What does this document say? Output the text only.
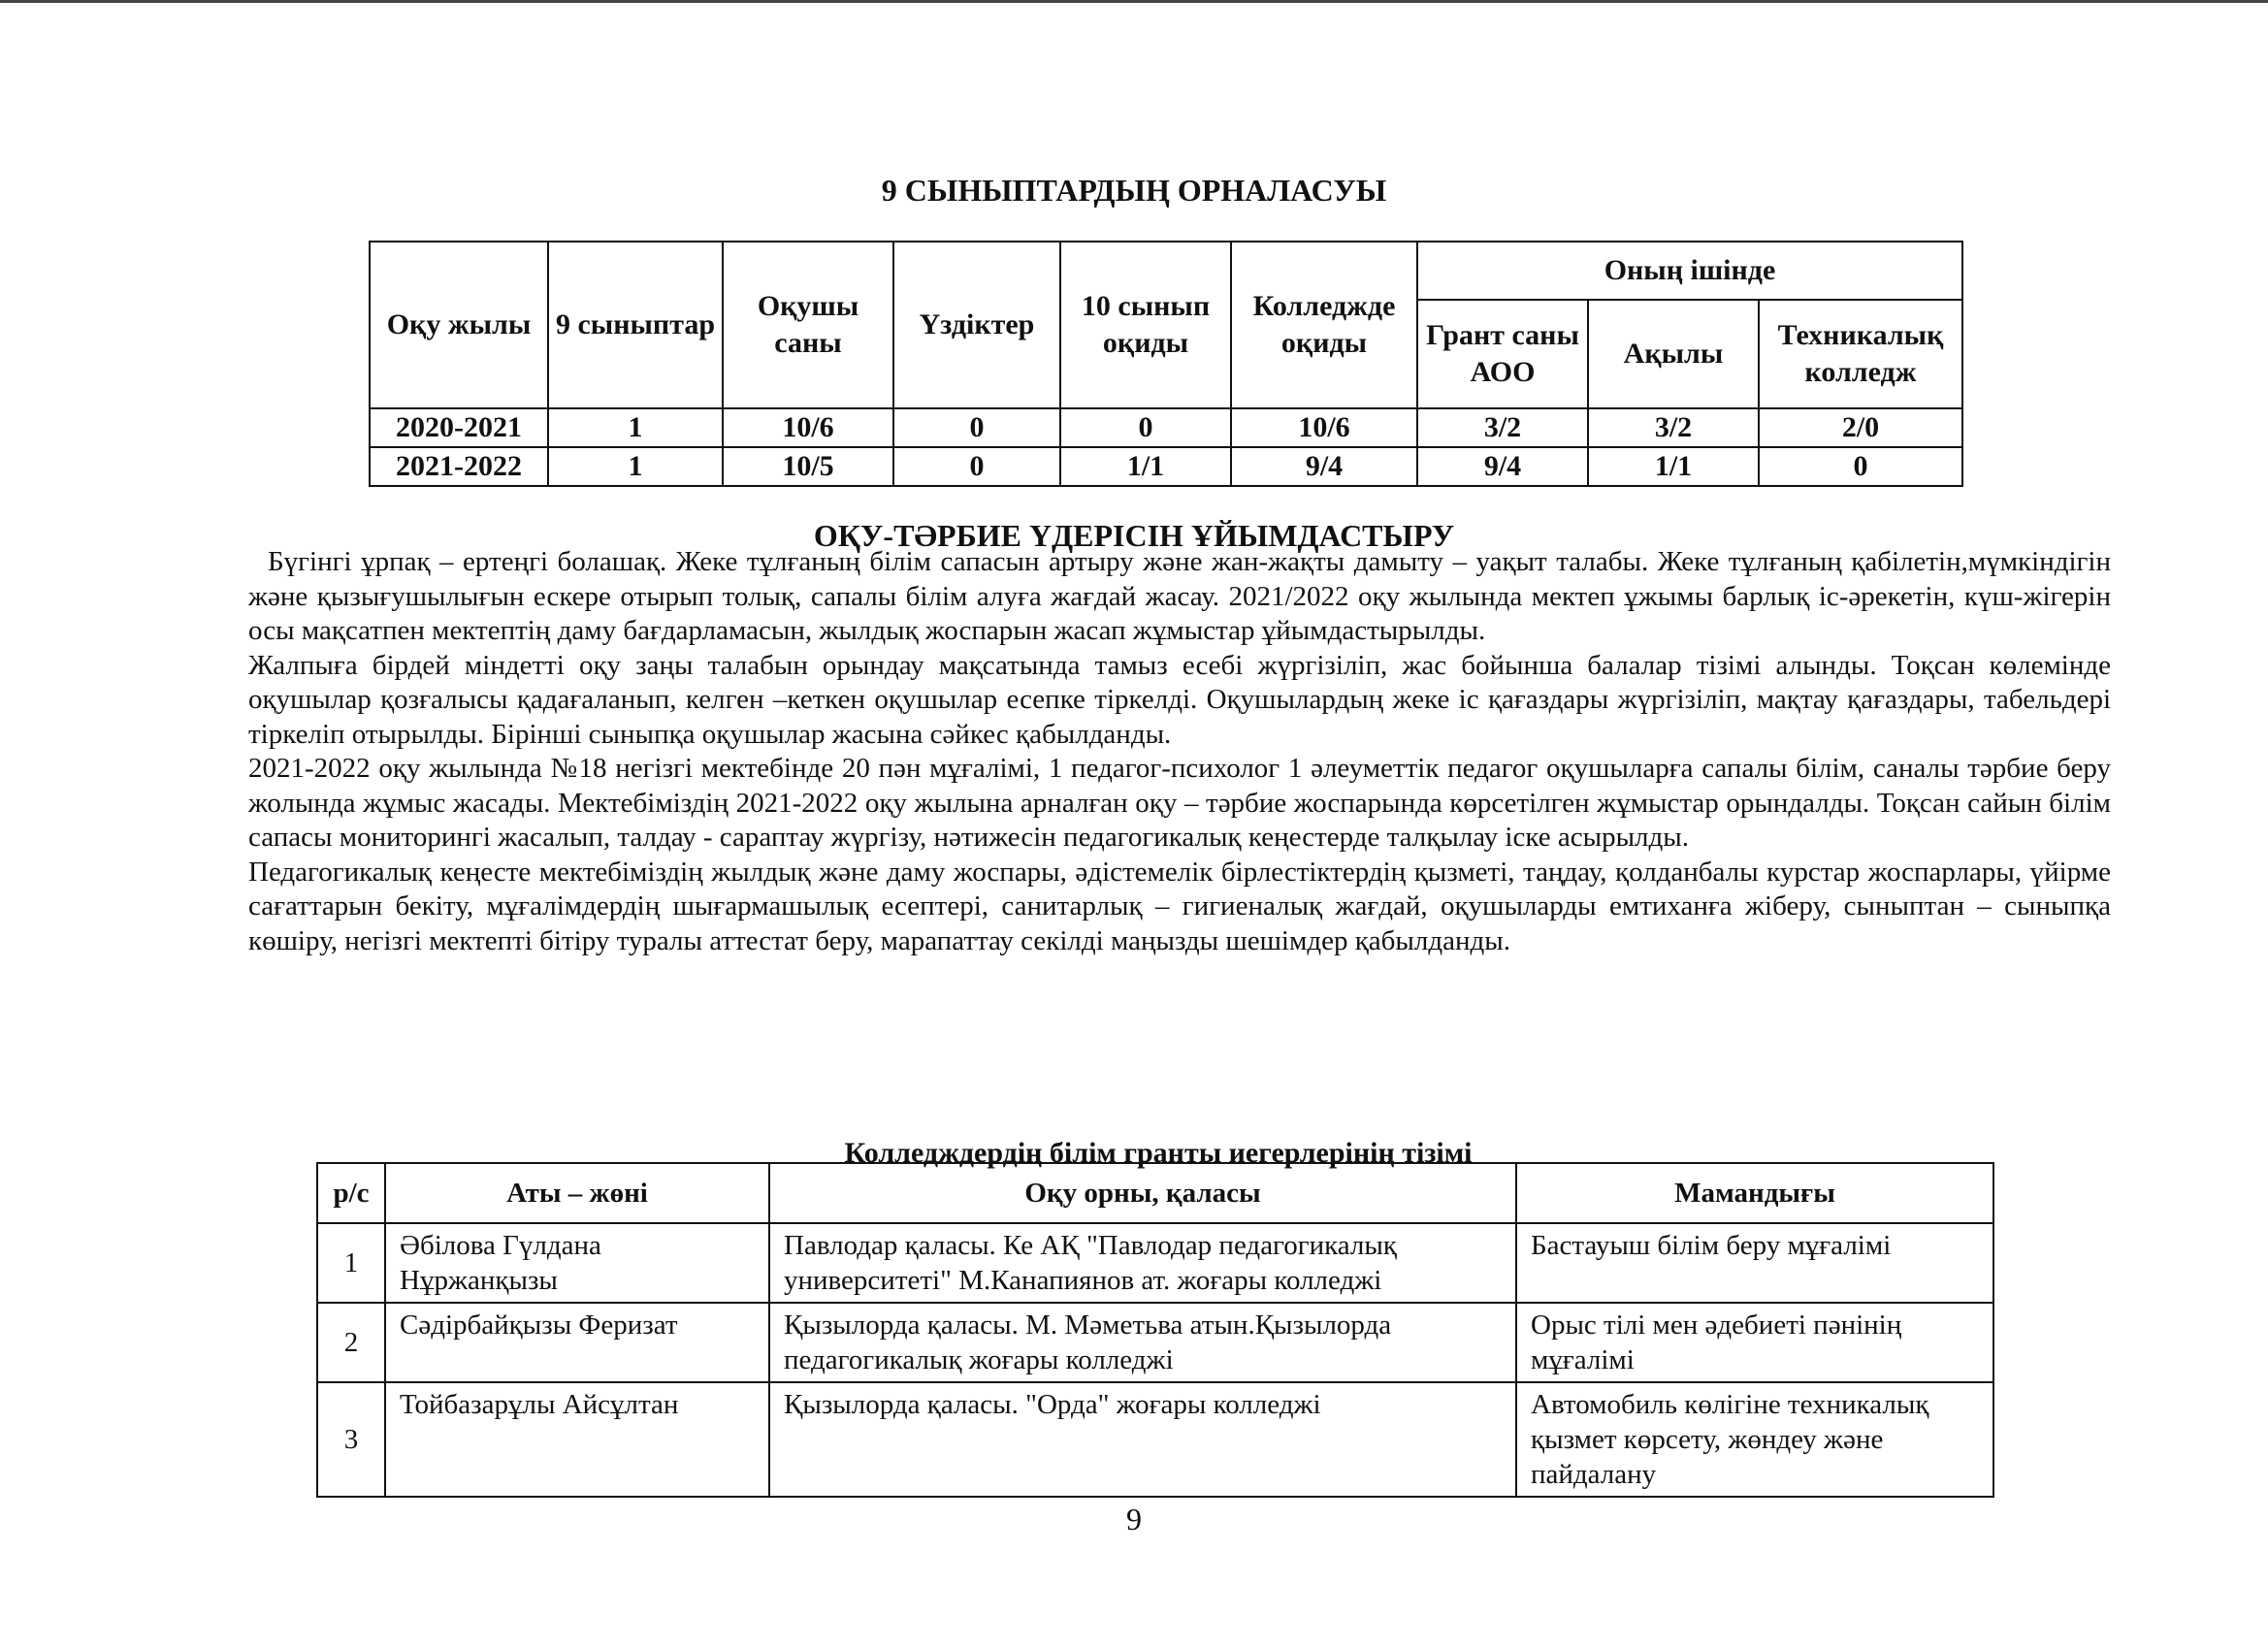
9 СЫНЫПТАРДЫҢ ОРНАЛАСУЫ
Оқу жылы	9 сыныптар	Оқушы саны	Үздіктер	10 сынып оқиды	Колледжде оқиды	Оның ішінде		
						Грант саны АОО	Ақылы	Техникалық колледж
2020-2021	1	10/6	0	0	10/6	3/2	3/2	2/0
2021-2022	1	10/5	0	1/1	9/4	9/4	1/1	0
ОҚУ-ТӘРБИЕ ҮДЕРІСІН ҰЙЫМДАСТЫРУ

Бүгінгі ұрпақ – ертеңгі болашақ. Жеке тұлғаның білім сапасын артыру және жан-жақты дамыту – уақыт талабы. Жеке тұлғаның қабілетін,мүмкіндігін және қызығушылығын ескере отырып толық, сапалы білім алуға жағдай жасау. 2021/2022 оқу жылында мектеп ұжымы барлық іс-әрекетін, күш-жігерін осы мақсатпен мектептің даму бағдарламасын, жылдық жоспарын жасап жұмыстар ұйымдастырылды.

Жалпыға бірдей міндетті оқу заңы талабын орындау мақсатында тамыз есебі жүргізіліп, жас бойынша балалар тізімі алынды. Тоқсан көлемінде оқушылар қозғалысы қадағаланып, келген –кеткен оқушылар есепке тіркелді. Оқушылардың жеке іс қағаздары жүргізіліп, мақтау қағаздары, табельдері тіркеліп отырылды. Бірінші сыныпқа оқушылар жасына сәйкес қабылданды.

2021-2022 оқу жылында №18 негізгі мектебінде 20 пән мұғалімі, 1 педагог-психолог 1 әлеуметтік педагог оқушыларға сапалы білім, саналы тәрбие беру жолында жұмыс жасады. Мектебіміздің 2021-2022 оқу жылына арналған оқу – тәрбие жоспарында көрсетілген жұмыстар орындалды. Тоқсан сайын білім сапасы мониторингі жасалып, талдау - сараптау жүргізу, нәтижесін педагогикалық кеңестерде талқылау іске асырылды.

Педагогикалық кеңесте мектебіміздің жылдық және даму жоспары, әдістемелік бірлестіктердің қызметі, таңдау, қолданбалы курстар жоспарлары, үйірме сағаттарын бекіту, мұғалімдердің шығармашылық есептері, санитарлық – гигиеналық жағдай, оқушыларды емтиханға жіберу, сыныптан – сыныпқа көшіру, негізгі мектепті бітіру туралы аттестат беру, марапаттау секілді маңызды шешімдер қабылданды.

Колледждердің білім гранты иегерлерінің тізімі
р/с	Аты – жөні	Оқу орны, қаласы	Мамандығы
1	Әбілова Гүлдана Нұржанқызы	Павлодар қаласы. Ке АҚ "Павлодар педагогикалық университеті" М.Канапиянов ат. жоғары колледжі	Бастауыш білім беру мұғалімі
2	Сәдірбайқызы Феризат	Қызылорда қаласы. М. Мәметьва атын.Қызылорда педагогикалық жоғары колледжі	Орыс тілі мен әдебиеті пәнінің мұғалімі
3	Тойбазарұлы Айсұлтан	Қызылорда қаласы. "Орда" жоғары колледжі	Автомобиль көлігіне техникалық қызмет көрсету, жөндеу және пайдалану
9
